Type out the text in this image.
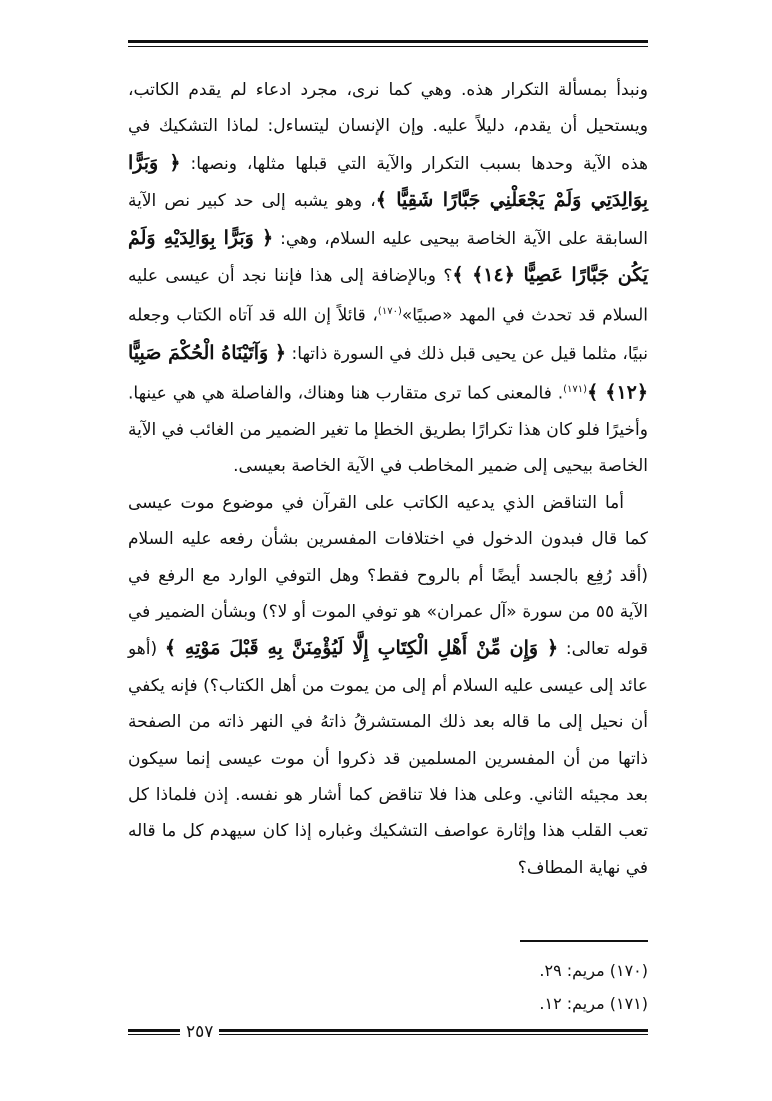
ونبدأ بمسألة التكرار هذه. وهي كما نرى، مجرد ادعاء لم يقدم الكاتب، ويستحيل أن يقدم، دليلاً عليه. وإن الإنسان ليتساءل: لماذا التشكيك في هذه الآية وحدها بسبب التكرار والآية التي قبلها مثلها، ونصها: ﴿ وَبَرًّا بِوَالِدَتِي وَلَمْ يَجْعَلْنِي جَبَّارًا شَقِيًّا ﴾، وهو يشبه إلى حد كبير نص الآية السابقة على الآية الخاصة بيحيى عليه السلام، وهي: ﴿ وَبَرًّا بِوَالِدَيْهِ وَلَمْ يَكُن جَبَّارًا عَصِيًّا ﴿١٤﴾ ﴾؟ وبالإضافة إلى هذا فإننا نجد أن عيسى عليه السلام قد تحدث في المهد «صبيًا»$^{(١٧٠)}$، قائلاً إن الله قد آتاه الكتاب وجعله نبيًا، مثلما قيل عن يحيى قبل ذلك في السورة ذاتها: ﴿ وَآتَيْنَاهُ الْحُكْمَ صَبِيًّا ﴿١٢﴾ ﴾$^{(١٧١)}$. فالمعنى كما ترى متقارب هنا وهناك، والفاصلة هي هي عينها. وأخيرًا فلو كان هذا تكرارًا بطريق الخطإ ما تغير الضمير من الغائب في الآية الخاصة بيحيى إلى ضمير المخاطب في الآية الخاصة بعيسى.

أما التناقض الذي يدعيه الكاتب على القرآن في موضوع موت عيسى كما قال فبدون الدخول في اختلافات المفسرين بشأن رفعه عليه السلام (أقد رُفِع بالجسد أيضًا أم بالروح فقط؟ وهل التوفي الوارد مع الرفع في الآية ٥٥ من سورة «آل عمران» هو توفي الموت أو لا؟) وبشأن الضمير في قوله تعالى: ﴿ وَإِن مِّنْ أَهْلِ الْكِتَابِ إِلَّا لَيُؤْمِنَنَّ بِهِ قَبْلَ مَوْتِهِ ﴾ (أهو عائد إلى عيسى عليه السلام أم إلى من يموت من أهل الكتاب؟) فإنه يكفي أن نحيل إلى ما قاله بعد ذلك المستشرقُ ذاتهُ في النهر ذاته من الصفحة ذاتها من أن المفسرين المسلمين قد ذكروا أن موت عيسى إنما سيكون بعد مجيئه الثاني. وعلى هذا فلا تناقض كما أشار هو نفسه. إذن فلماذا كل تعب القلب هذا وإثارة عواصف التشكيك وغباره إذا كان سيهدم كل ما قاله في نهاية المطاف؟

(١٧٠) مريم: ٢٩.
(١٧١) مريم: ١٢.
٢٥٧
